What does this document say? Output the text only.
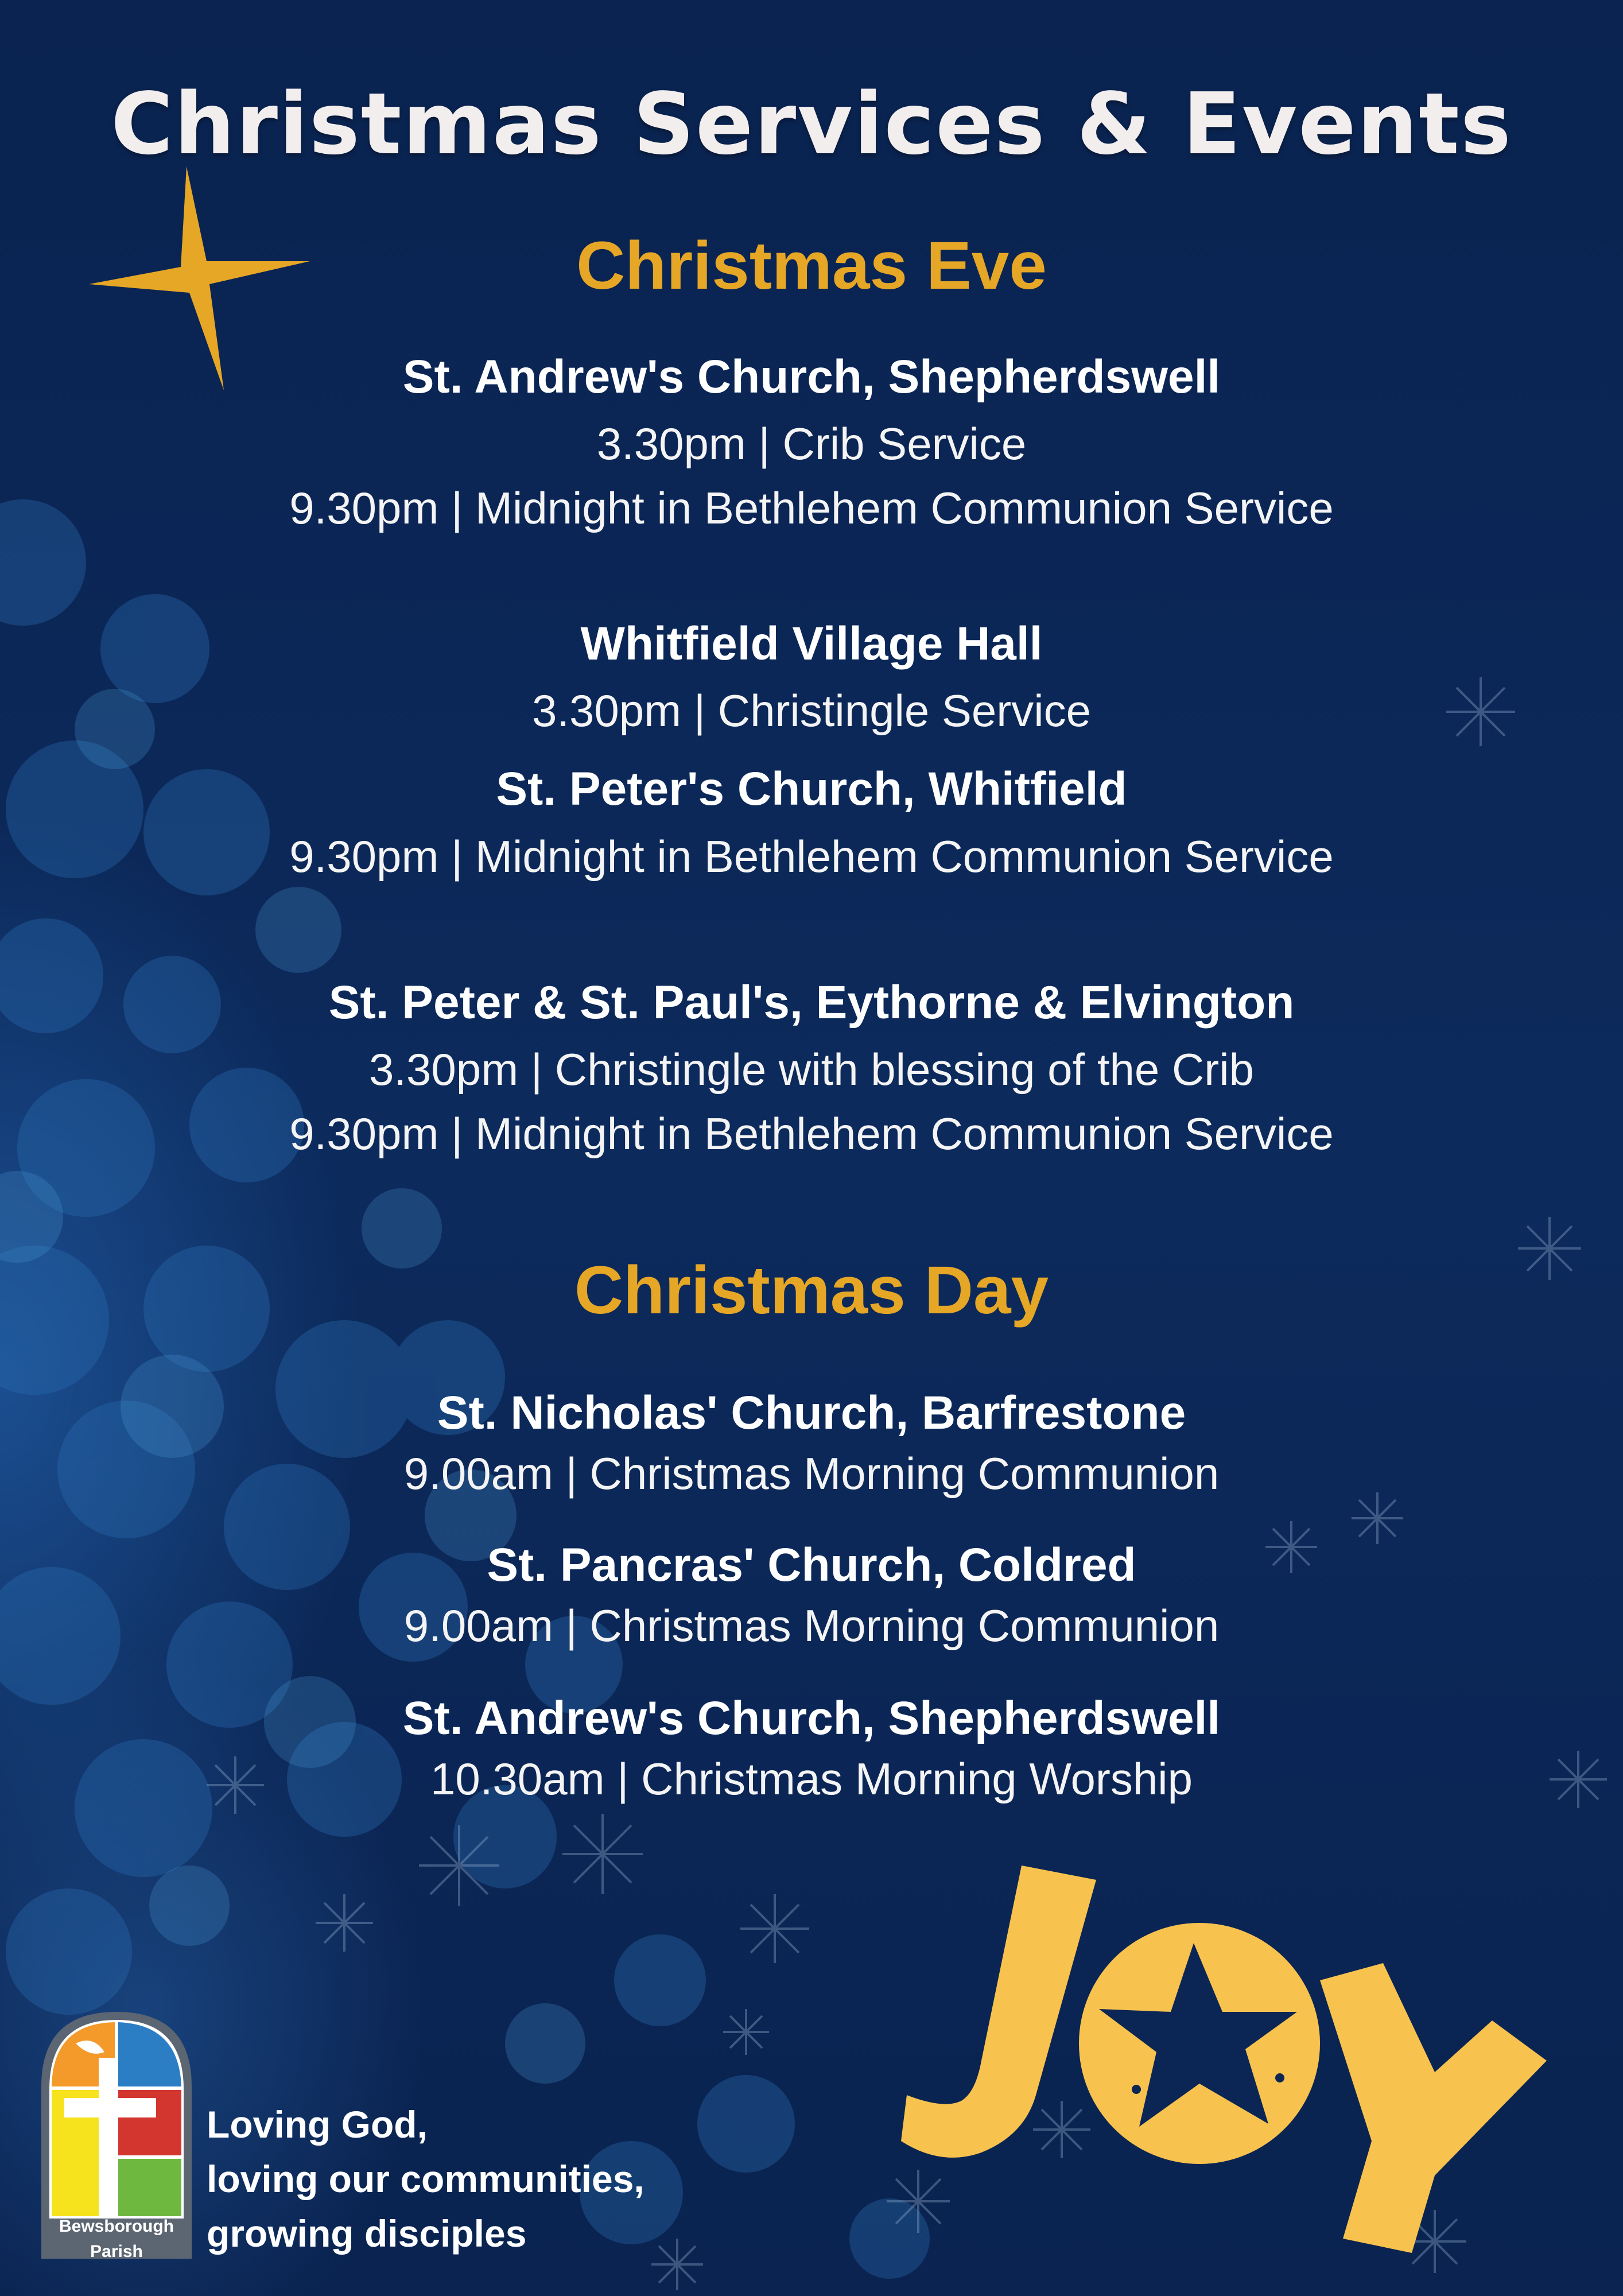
Christmas Services & Events
Christmas Eve
St. Andrew's Church, Shepherdswell
3.30pm | Crib Service
9.30pm | Midnight in Bethlehem Communion Service
Whitfield Village Hall
3.30pm | Christingle Service
St. Peter's Church, Whitfield
9.30pm | Midnight in Bethlehem Communion Service
St. Peter & St. Paul's, Eythorne & Elvington
3.30pm | Christingle with blessing of the Crib
9.30pm | Midnight in Bethlehem Communion Service
Christmas Day
St. Nicholas' Church, Barfrestone
9.00am | Christmas Morning Communion
St. Pancras' Church, Coldred
9.00am | Christmas Morning Communion
St. Andrew's Church, Shepherdswell
10.30am | Christmas Morning Worship
Bewsborough
Parish
Loving God,
loving our communities,
growing disciples
